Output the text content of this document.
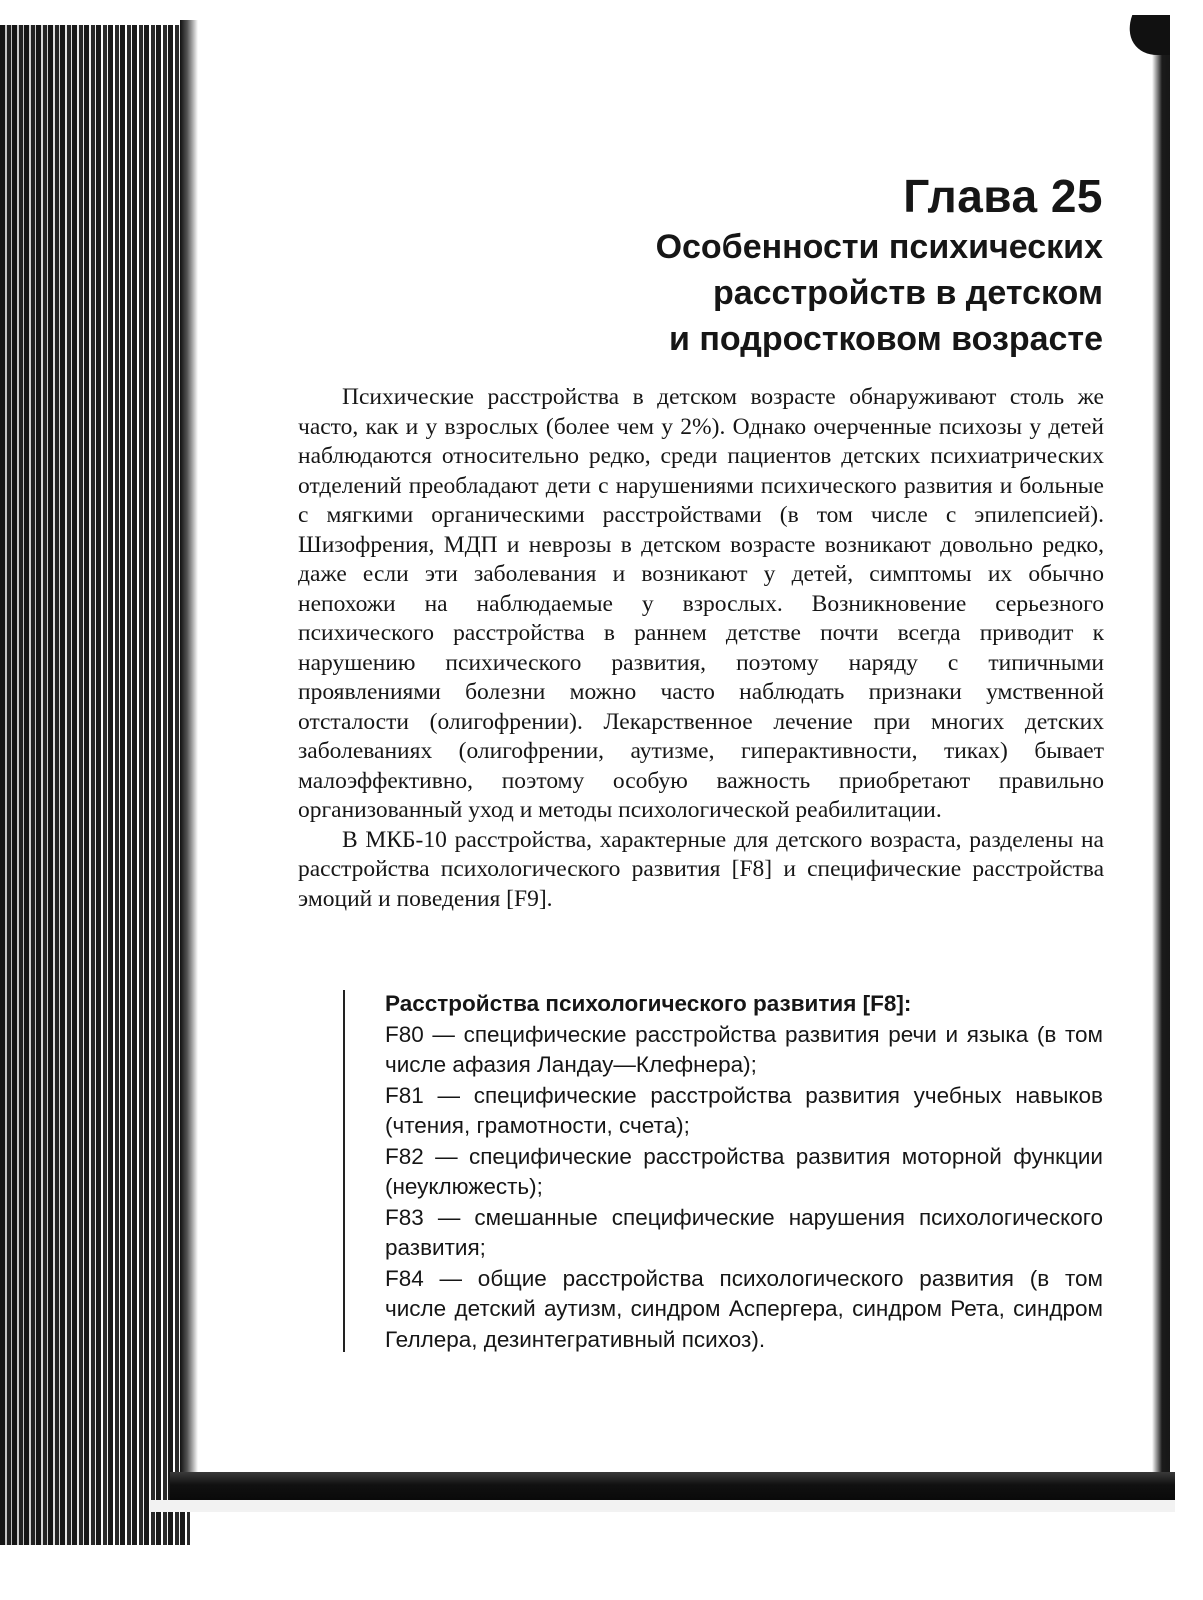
Глава 25
Особенности психических
расстройств в детском
и подростковом возрасте

Психические расстройства в детском возрасте обнаруживают столь же часто, как и у взрослых (более чем у 2%). Однако очерченные психозы у детей наблюдаются относительно редко, среди пациентов детских психиатрических отделений преобладают дети с нарушениями психического развития и больные с мягкими органическими расстройствами (в том числе с эпилепсией). Шизофрения, МДП и неврозы в детском возрасте возникают довольно редко, даже если эти заболевания и возникают у детей, симптомы их обычно непохожи на наблюдаемые у взрослых. Возникновение серьезного психического расстройства в раннем детстве почти всегда приводит к нарушению психического развития, поэтому наряду с типичными проявлениями болезни можно часто наблюдать признаки умственной отсталости (олигофрении). Лекарственное лечение при многих детских заболеваниях (олигофрении, аутизме, гиперактивности, тиках) бывает малоэффективно, поэтому особую важность приобретают правильно организованный уход и методы психологической реабилитации.

В МКБ-10 расстройства, характерные для детского возраста, разделены на расстройства психологического развития [F8] и специфические расстройства эмоций и поведения [F9].

Расстройства психологического развития [F8]:
F80 — специфические расстройства развития речи и языка (в том числе афазия Ландау—Клефнера);
F81 — специфические расстройства развития учебных навыков (чтения, грамотности, счета);
F82 — специфические расстройства развития моторной функции (неуклюжесть);
F83 — смешанные специфические нарушения психологического развития;
F84 — общие расстройства психологического развития (в том числе детский аутизм, синдром Аспергера, синдром Рета, синдром Геллера, дезинтегративный психоз).
